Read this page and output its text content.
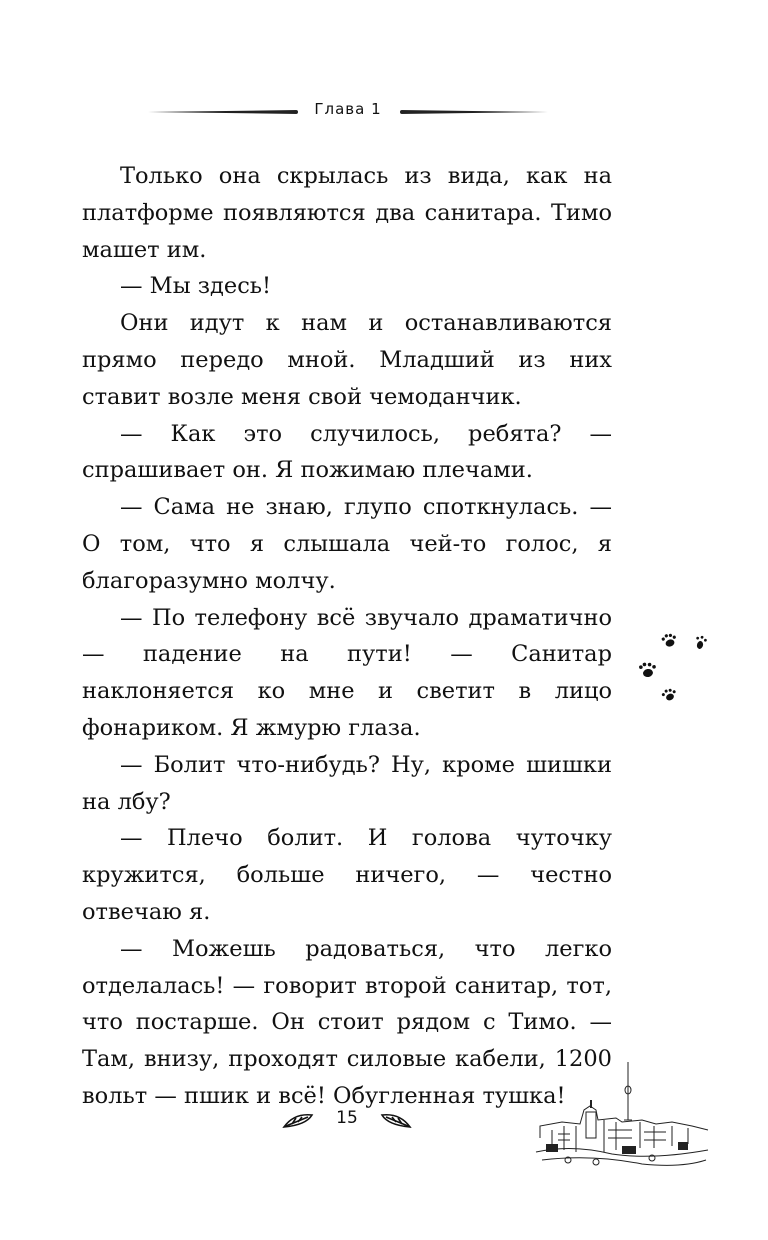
Глава 1

Только она скрылась из вида, как на платформе появляются два санитара. Тимо машет им.

— Мы здесь!

Они идут к нам и останавливаются прямо передо мной. Младший из них ставит возле меня свой чемоданчик.

— Как это случилось, ребята? — спрашивает он. Я пожимаю плечами.

— Сама не знаю, глупо споткнулась. — О том, что я слышала чей-то голос, я благоразумно молчу.

— По телефону всё звучало драматично — падение на пути! — Санитар наклоняется ко мне и светит в лицо фонариком. Я жмурю глаза.

— Болит что-нибудь? Ну, кроме шишки на лбу?

— Плечо болит. И голова чуточку кружится, больше ничего, — честно отвечаю я.

— Можешь радоваться, что легко отделалась! — говорит второй санитар, тот, что постарше. Он стоит рядом с Тимо. — Там, внизу, проходят силовые кабели, 1200 вольт — пшик и всё! Обугленная тушка!

15
